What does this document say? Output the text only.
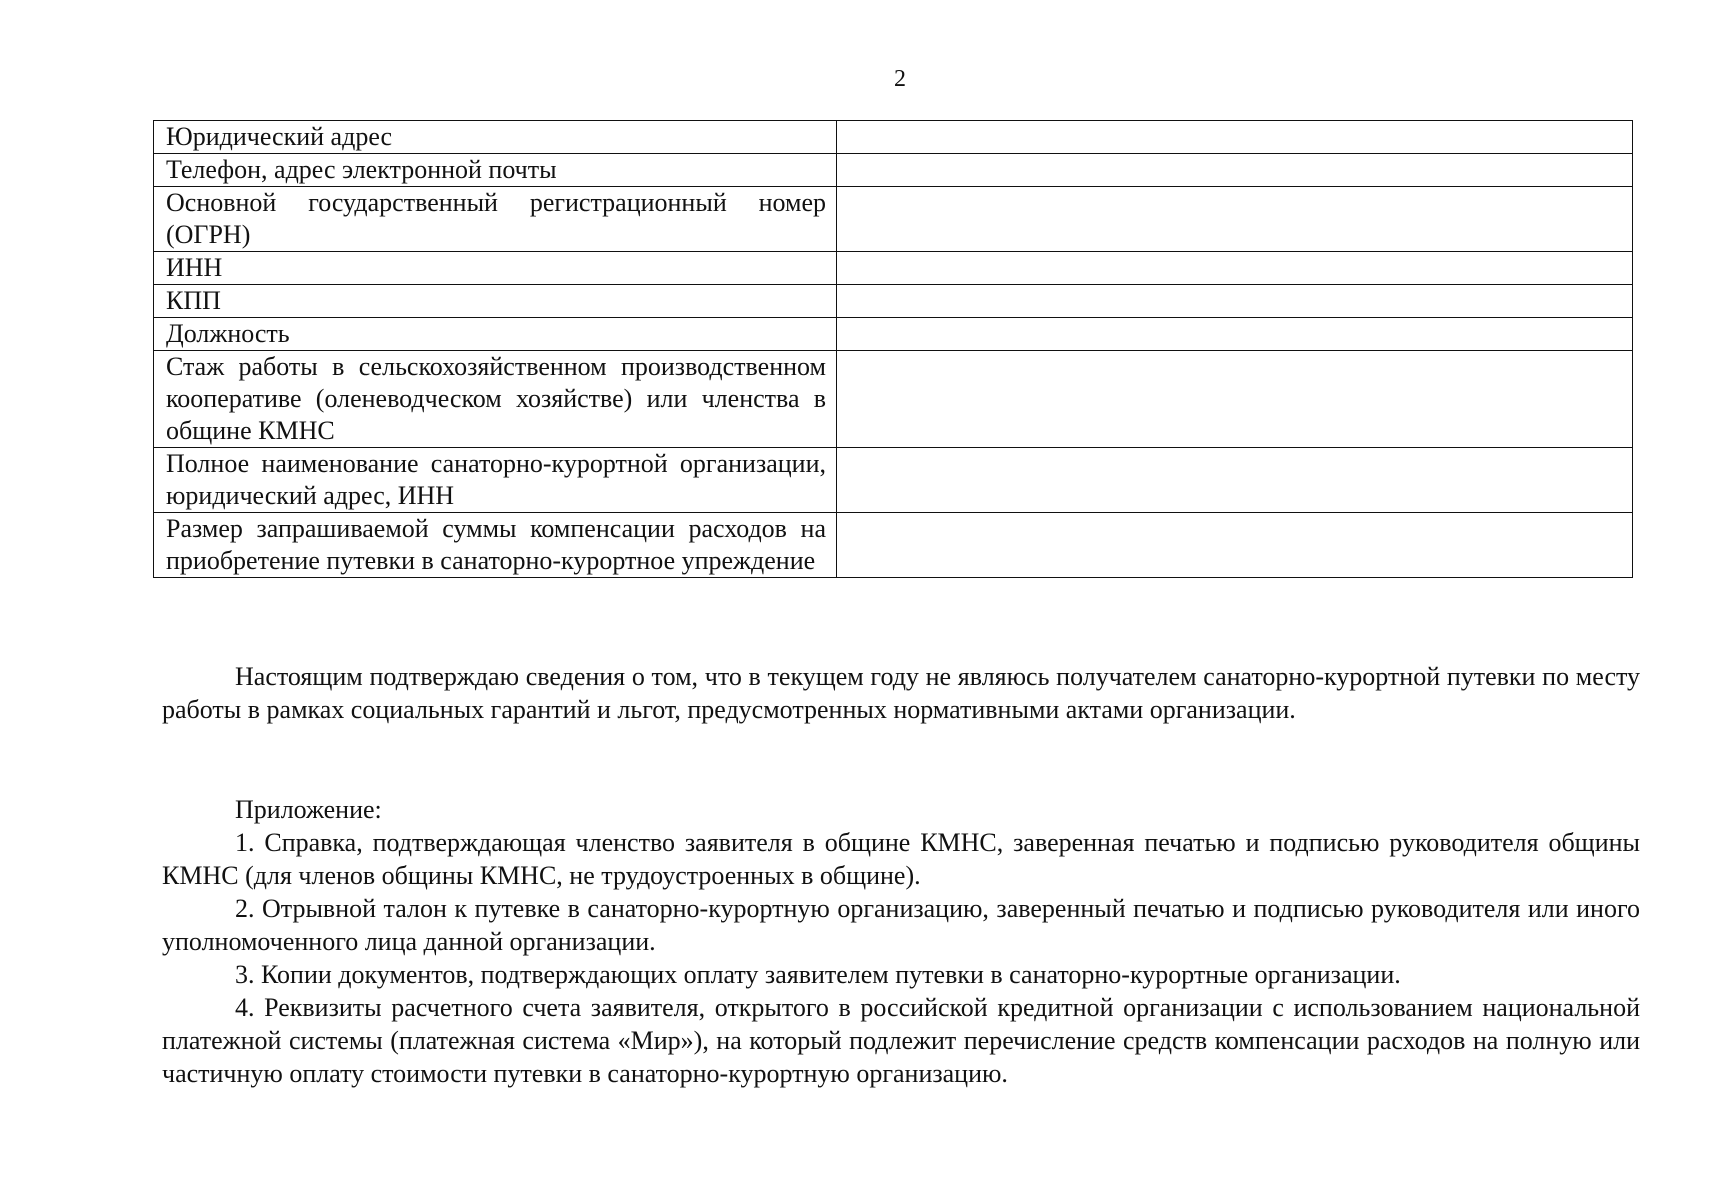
2
Юридический адрес	
Телефон, адрес электронной почты	
Основной государственный регистрационный номер (ОГРН)	
ИНН	
КПП	
Должность	
Стаж работы в сельскохозяйственном производственном кооперативе (оленеводческом хозяйстве) или членства в общине КМНС	
Полное наименование санаторно-курортной организации, юридический адрес, ИНН	
Размер запрашиваемой суммы компенсации расходов на приобретение путевки в санаторно-курортное упреждение	
Настоящим подтверждаю сведения о том, что в текущем году не являюсь получателем санаторно-курортной путевки по месту работы в рамках социальных гарантий и льгот, предусмотренных нормативными актами организации.
Приложение:
1. Справка, подтверждающая членство заявителя в общине КМНС, заверенная печатью и подписью руководителя общины КМНС (для членов общины КМНС, не трудоустроенных в общине).
2. Отрывной талон к путевке в санаторно-курортную организацию, заверенный печатью и подписью руководителя или иного уполномоченного лица данной организации.
3. Копии документов, подтверждающих оплату заявителем путевки в санаторно-курортные организации.
4. Реквизиты расчетного счета заявителя, открытого в российской кредитной организации с использованием национальной платежной системы (платежная система «Мир»), на который подлежит перечисление средств компенсации расходов на полную или частичную оплату стоимости путевки в санаторно-курортную организацию.
